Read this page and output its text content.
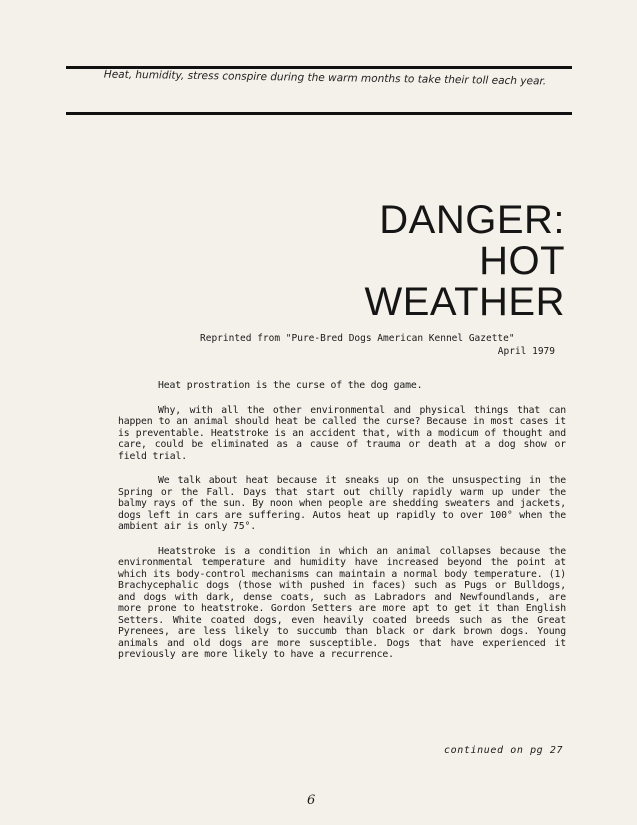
Heat, humidity, stress conspire during the warm months to take their toll each year.
DANGER:
HOT
WEATHER
Reprinted from "Pure-Bred Dogs American Kennel Gazette"
April 1979

Heat prostration is the curse of the dog game.

Why, with all the other environmental and physical things that can happen to an animal should heat be called the curse? Because in most cases it is preventable. Heatstroke is an accident that, with a modicum of thought and care, could be eliminated as a cause of trauma or death at a dog show or field trial.

We talk about heat because it sneaks up on the unsuspecting in the Spring or the Fall. Days that start out chilly rapidly warm up under the balmy rays of the sun. By noon when people are shedding sweaters and jackets, dogs left in cars are suffering. Autos heat up rapidly to over 100° when the ambient air is only 75°.

Heatstroke is a condition in which an animal collapses because the environmental temperature and humidity have increased beyond the point at which its body-control mechanisms can maintain a normal body temperature. (1) Brachycephalic dogs (those with pushed in faces) such as Pugs or Bulldogs, and dogs with dark, dense coats, such as Labradors and Newfoundlands, are more prone to heatstroke. Gordon Setters are more apt to get it than English Setters. White coated dogs, even heavily coated breeds such as the Great Pyrenees, are less likely to succumb than black or dark brown dogs. Young animals and old dogs are more susceptible. Dogs that have experienced it previously are more likely to have a recurrence.

continued on pg 27
6
